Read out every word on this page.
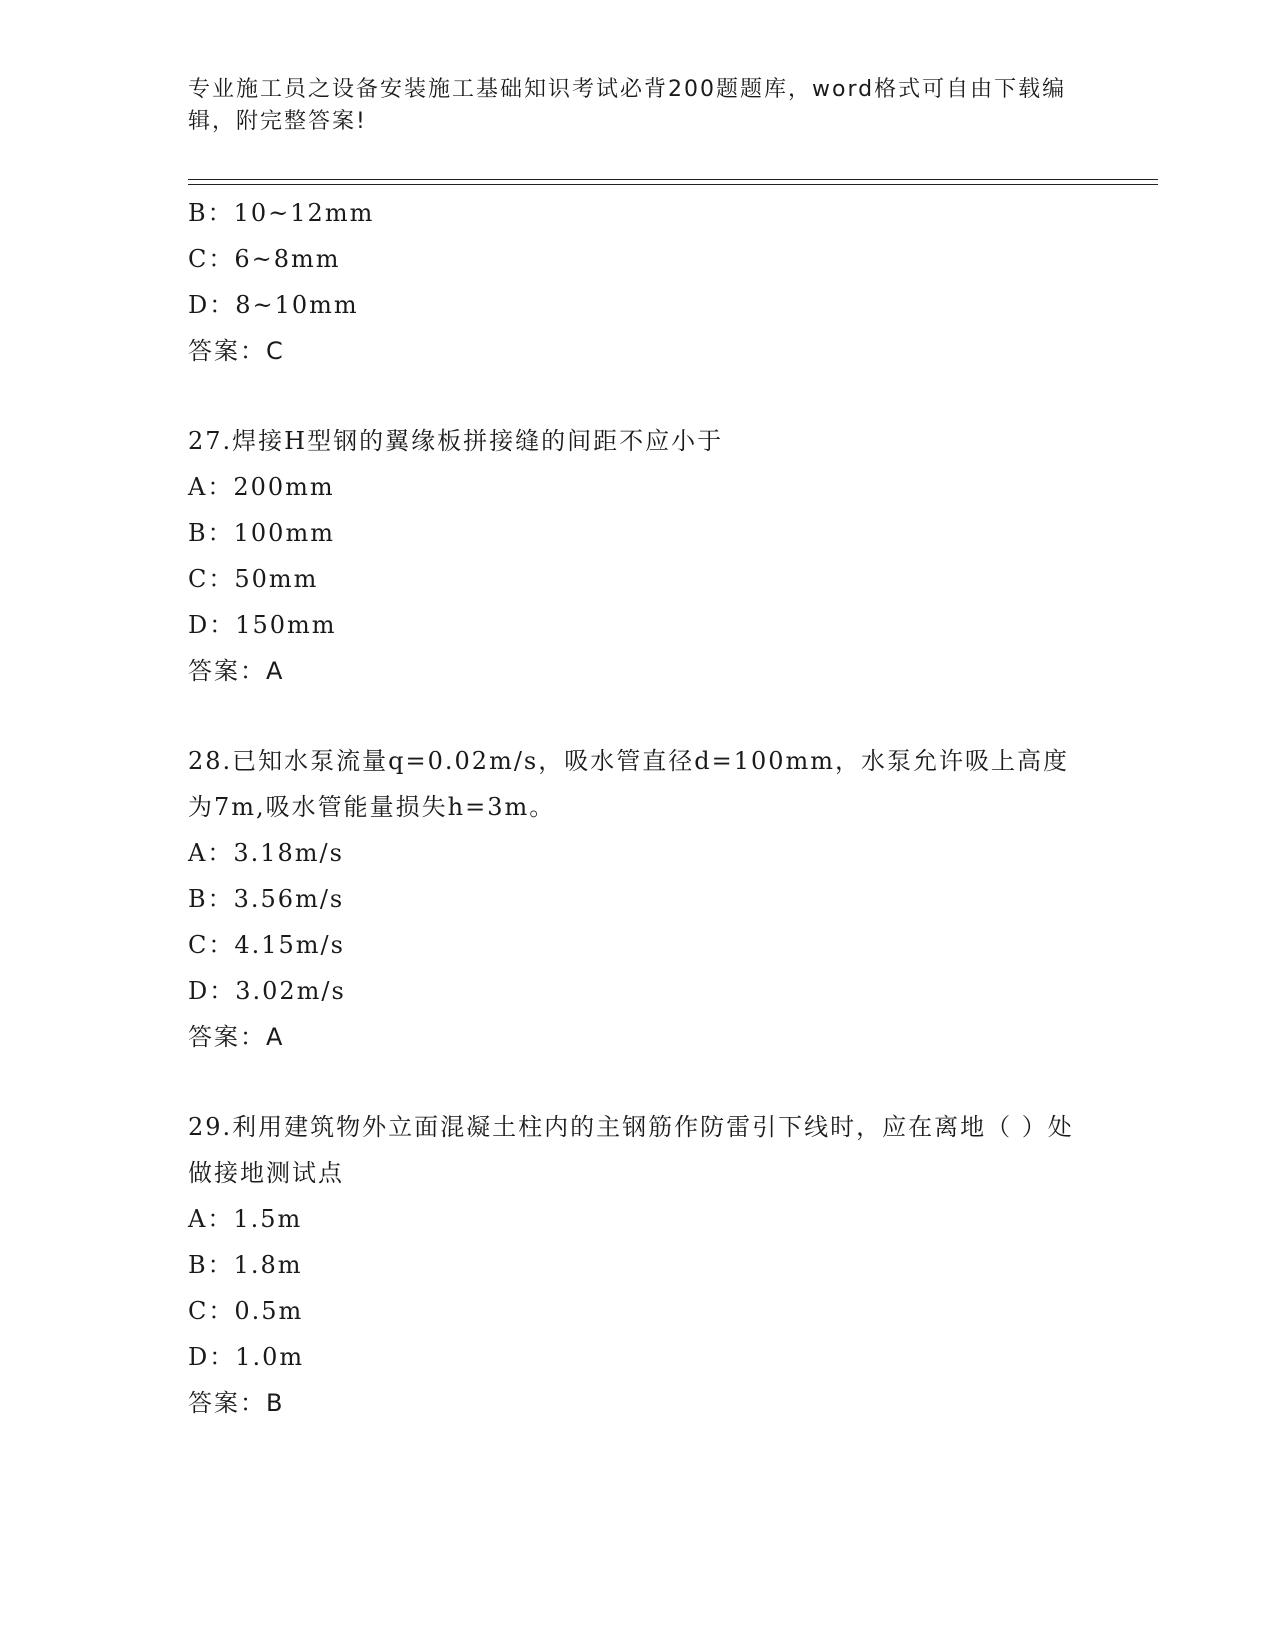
专业施工员之设备安装施工基础知识考试必背200题题库，word格式可自由下载编辑，附完整答案!
B：10~12mm
C：6~8mm
D：8~10mm
答案：C
27.焊接H型钢的翼缘板拼接缝的间距不应小于
A：200mm
B：100mm
C：50mm
D：150mm
答案：A
28.已知水泵流量q=0.02m/s，吸水管直径d=100mm，水泵允许吸上高度为7m,吸水管能量损失h=3m。
A：3.18m/s
B：3.56m/s
C：4.15m/s
D：3.02m/s
答案：A
29.利用建筑物外立面混凝土柱内的主钢筋作防雷引下线时，应在离地（ ）处做接地测试点
A：1.5m
B：1.8m
C：0.5m
D：1.0m
答案：B
